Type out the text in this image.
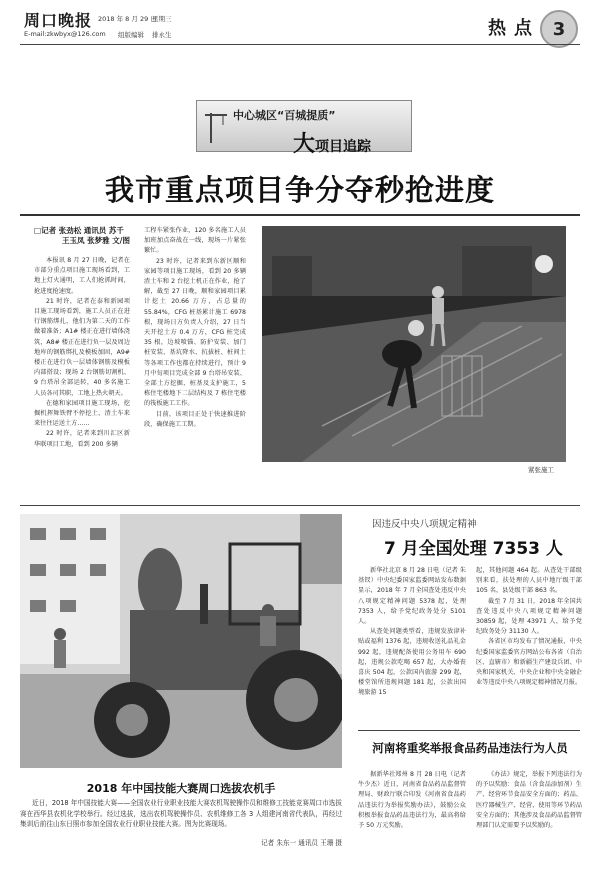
周口晚报 2018 年 8 月 29 日
星期三
E-mail:zkwbyx@126.com 组版编辑 排永生	热点 3
中心城区“百城提质”
大项目追踪
我市重点项目争分夺秒抢进度
□记者 张劲松 通讯员 苏千
王玉凤 张梦雅 文/图

本报讯 8 月 27 日晚，记者在市部分重点项目施工现场看到，工地上灯火通明，工人们抢抓时间，抢进度抢速度。

21 时许，记者在泰和新园项目施工现场看到，施工人员正在进行钢筋绑扎，他们为第二天的工作做着准备；A1# 楼正在进行墙体浇筑，A8# 楼正在进行负一层及周边地库的钢筋绑扎及模板加固，A9# 楼正在进行负一层墙体钢筋及模板内部搭设；现场 2 台钢筋切割机、9 台塔吊全部运转，40 多名施工人员各司其职，工地上热火朝天。

在德和家园项目施工现场，挖掘机挥舞铁臂不停挖土，渣土车来来往往运送土方……

22 时许，记者来到川汇区新华联项目工地，看到 200 多辆

工程车紧张作业，120 多名施工人员加班加点奋战在一线，现场一片紧张繁忙。

23 时许，记者来到东新区顺和家园等项目施工现场，看到 20 多辆渣土车和 2 台挖土机正在作业，抢了解，截至 27 日晚，顺和家园项目累计挖土 20.66 万方，占总量的 55.84%，CFG 桩基累计施工 6978 根，现场日方负责人介绍，27 日当天开挖土方 0.4 万方，CFG 桩完成 35 根，边坡喷锚、防护安装、加门桩安装、基坑降水、抗拔桩、桩间土等各项工作也都在持续进行，预计 9 月中旬项目完成全部 9 台塔吊安装、全部土方挖掘、桩基及支护施工，5 栋住宅楼地下二层结构及 7 栋住宅楼的筏板施工工作。

目前，该项目正处于快速推进阶段，确保施工工期。

紧张施工
2018 年中国技能大赛周口选拔农机手
近日，2018 年中国技能大赛——全国农业行业职业技能大赛农机驾驶操作员和维修工技能竞赛周口市选拔赛在西华县农机化学校举行。经过选拔，选出农机驾驶操作员、农机维修工各 3 人组建河南省代表队，再经过集训后前往山东日照市参加全国农业行业职业技能大赛。图为比赛现场。
记者 朱东一 通讯员 王珊 摄
因违反中央八项规定精神
7 月全国处理 7353 人

新华社北京 8 月 28 日电（记者 朱基钗）中央纪委国家监委网站发布数据显示，2018 年 7 月全国查处违反中央八项规定精神问题 5378 起，处理 7353 人，给予党纪政务处分 5101 人。

从查处问题类型看，违规发放津补贴或福利 1376 起，违规收送礼品礼金 992 起，违规配备使用公务用车 690 起，违规公款吃喝 657 起，大办婚丧喜庆 504 起，公款国内旅游 299 起，楼堂馆所违规问题 181 起，公款出国境旅游 15

起，其他问题 464 起。从查处干部级别来看，扶处理的人员中地厅级干部 105 名，县处级干部 863 名。

截至 7 月 31 日，2018 年全国共查处违反中央八项规定精神问题 30859 起，处理 43971 人，给予党纪政务处分 31130 人。

各省区市均发布了情况通报，中央纪委国家监委官方网站公布各省（自治区、直辖市）和新疆生产建设兵团、中央和国家机关、中央企业和中央金融企业等违反中央八项规定精神情况月报。

河南将重奖举报食品药品违法行为人员

据新华社郑州 8 月 28 日电（记者 牛少杰）近日，河南省食品药品监督管理局、财政厅联合印发《河南省食品药品违法行为举报奖励办法》，鼓励公众积极举报食品药品违法行为，最高将给予 50 万元奖励。

《办法》规定，举报下列违法行为的予以奖励：食品（含食品添加剂）生产、经营环节食品安全方面的；药品、医疗器械生产、经营、使用等环节药品安全方面的；其他涉及食品药品监督管理部门认定需要予以奖励的。
